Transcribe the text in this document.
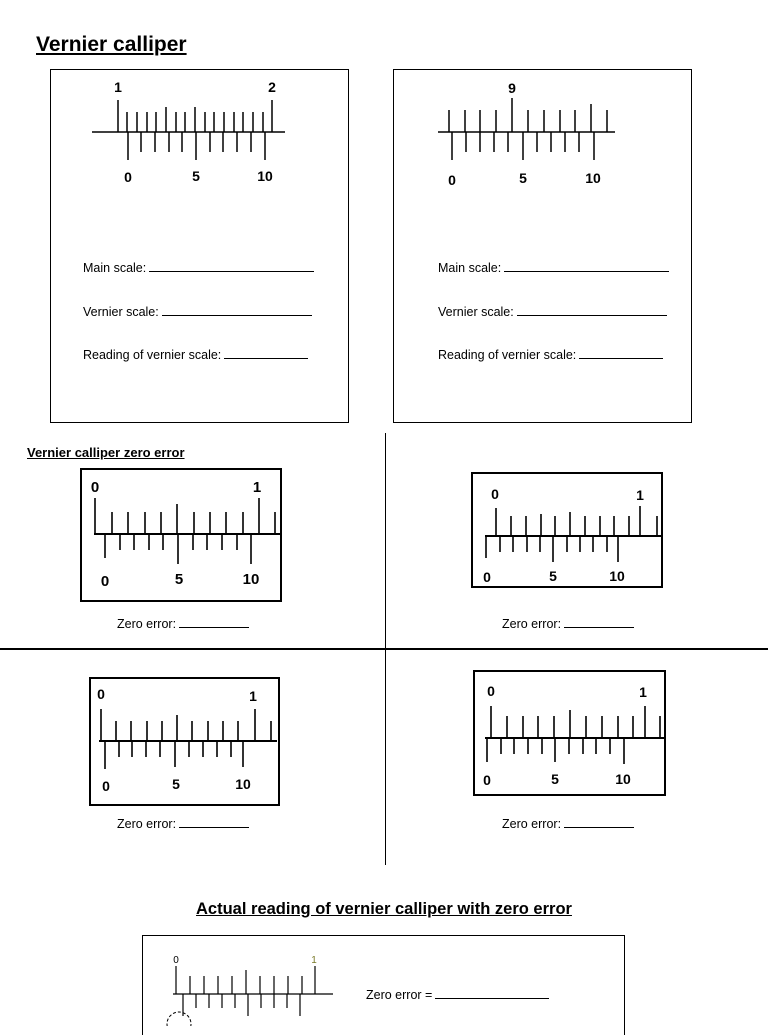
Vernier calliper
1	2
0	5	10
Main scale:
Vernier scale:
Reading of vernier scale:
9
0	5	10
Main scale:
Vernier scale:
Reading of vernier scale:
Vernier calliper zero error
0	1
0	5	10
Zero error:
0	1
0	5	10
Zero error:
0	1
0	5	10
Zero error:
0	1
0	5	10
Zero error:
Actual reading of vernier calliper with zero error
0	1
Zero error =
